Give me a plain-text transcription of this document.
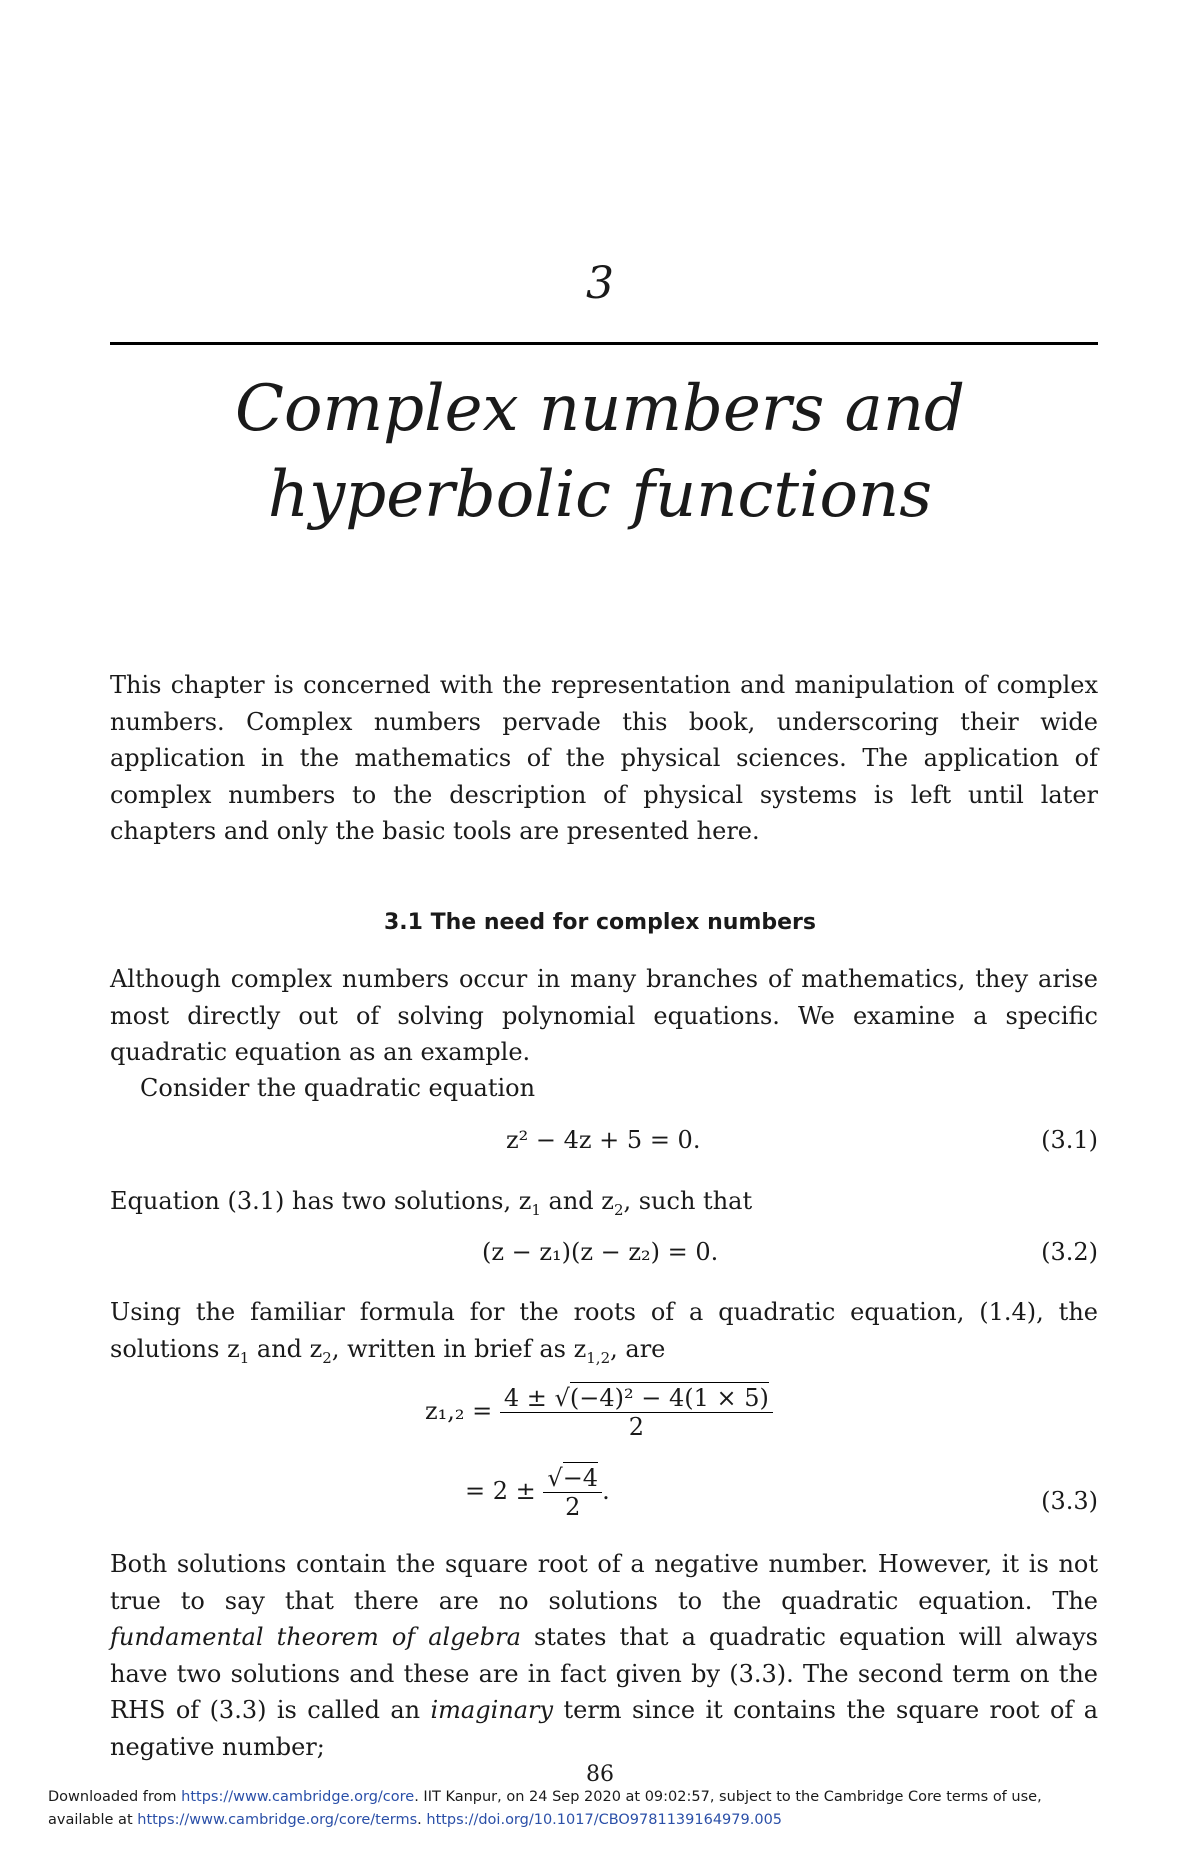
3
Complex numbers and
hyperbolic functions

This chapter is concerned with the representation and manipulation of complex numbers. Complex numbers pervade this book, underscoring their wide application in the mathematics of the physical sciences. The application of complex numbers to the description of physical systems is left until later chapters and only the basic tools are presented here.

3.1 The need for complex numbers

Although complex numbers occur in many branches of mathematics, they arise most directly out of solving polynomial equations. We examine a specific quadratic equation as an example.

Consider the quadratic equation

z² − 4z + 5 = 0.	(3.1)

Equation (3.1) has two solutions, $z_1$ and $z_2$, such that

(z − z₁)(z − z₂) = 0.	(3.2)

Using the familiar formula for the roots of a quadratic equation, (1.4), the solutions $z_1$ and $z_2$, written in brief as $z_{1,2}$, are

$z_1,_2 = \frac{\text{4 ± √(−4)² − 4(1 × 5)}}{2}$
= $2 \pm \frac{√-4}{2}$ .	(3.3)

Both solutions contain the square root of a negative number. However, it is not true to say that there are no solutions to the quadratic equation. The fundamental theorem of algebra states that a quadratic equation will always have two solutions and these are in fact given by (3.3). The second term on the RHS of (3.3) is called an imaginary term since it contains the square root of a negative number;

86
Downloaded from https://www.cambridge.org/core. IIT Kanpur, on 24 Sep 2020 at 09:02:57, subject to the Cambridge Core terms of use,
available at https://www.cambridge.org/core/terms. https://doi.org/10.1017/CBO9781139164979.005
